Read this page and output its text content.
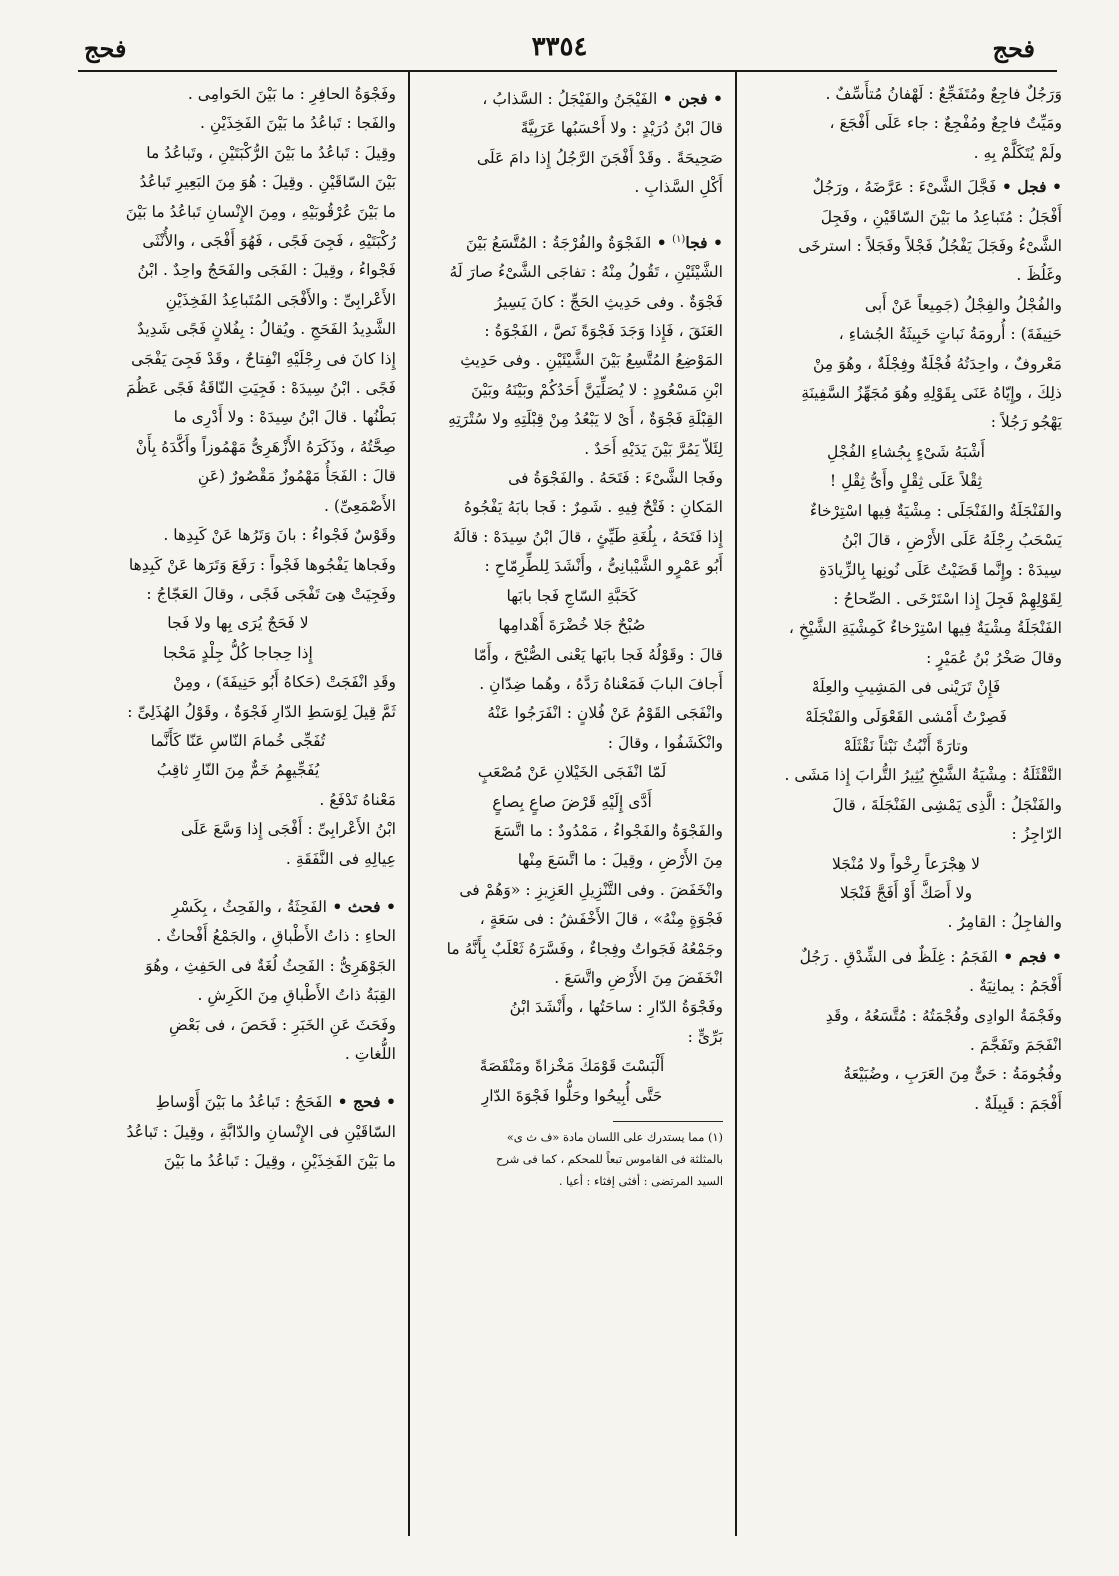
فحج	٣٣٥٤	فحج

وَرَجُلٌ فاجِعٌ ومُتَفَجِّعٌ : لَهْفانُ مُتأَسِّفٌ .

ومَيِّتٌ فاجِعٌ ومُفْجِعٌ : جاء عَلَى أَفْجَعَ ،

ولَمْ يُتَكَلَّمْ بِهِ .

• فجل • فَجَّلَ الشَّىْءَ : عَرَّضَهُ ، ورَجُلٌ

أَفْجَلُ : مُتَباعِدُ ما بَيْنَ السّاقَيْنِ ، وفَجِلَ

الشَّىْءُ وفَجَلَ يَفْجُلُ فَجْلاً وفَجَلاً : استرخَى

وغَلُظَ .

والفُجْلُ والفِجْلُ (جَمِيعاً عَنْ أَبى

حَنِيفَةَ) : أُرومَةُ نَباتٍ خَبِيثَةُ الجُشاءِ ،

مَعْروفٌ ، واحِدَتُهُ فُجْلَةٌ وفِجْلَةٌ ، وهُوَ مِنْ

ذلِكَ ، وإِيّاهُ عَنَى بِقَوْلِهِ وهُوَ مُجَهِّزُ السَّفِينَةِ

يَهْجُو رَجُلاً :

أَشْبَهُ شَىْءٍ بِجُشاءِ الفُجْلِ

ثِقْلاً عَلَى ثِقْلٍ وأَىُّ ثِقْلِ !

والفَنْجَلَةُ والفَنْجَلَى : مِشْيَةٌ فِيها اسْتِرْخاءٌ

يَسْحَبُ رِجْلَهُ عَلَى الأَرْضِ ، قالَ ابْنُ

سِيدَهْ : وإِنَّما قَضَيْتُ عَلَى نُونِها بِالزِّيادَةِ

لِقَوْلِهِمْ فَجِلَ إِذا اسْتَرْخَى . الصِّحاحُ :

الفَنْجَلَةُ مِشْيَةٌ فِيها اسْتِرْخاءٌ كَمِشْيَةِ الشَّيْخِ ،

وقالَ صَخْرُ بْنُ عُمَيْرٍ :

فَإِنْ تَرَيْنى فى المَشِيبِ والعِلَهْ

فَصِرْتُ أَمْشى القَعْوَلَى والفَنْجَلَهْ

وتارَةً أَنْبُثُ نَبْثاً نَقْثَلَهْ

النَّقْثَلَةُ : مِشْيَةُ الشَّيْخِ يُثِيرُ التُّرابَ إِذا مَشَى .

والفَنْجَلُ : الَّذِى يَمْشِى الفَنْجَلَةَ ، قالَ

الرّاجِزُ :

لا هِجْرَعاً رِخْواً ولا مُنْجَلا

ولا أَصَكَّ أَوْ أَفَجَّ فَنْجَلا

والفاجِلُ : القامِرُ .

• فجم • الفَجَمُ : غِلَظٌ فى الشِّدْقِ . رَجُلٌ

أَفْجَمُ : يمانِيَةٌ .

وفَجْمَةُ الوادِى وفُجْمَتُهُ : مُتَّسَعُهُ ، وقَدِ

انْفَجَمَ وتَفَجَّمَ .

وفُجُومَةُ : حَىٌّ مِنَ العَرَبِ ، وضُبَيْعَةُ

أَفْجَمَ : قَبِيلَةٌ .

• فجن • الفَيْجَنُ والفَيْجَلُ : السَّذابُ ،

قالَ ابْنُ دُرَيْدٍ : ولا أَحْسَبُها عَرَبِيَّةً

صَحِيحَةً . وقَدْ أَفْجَنَ الرَّجُلُ إِذا دامَ عَلَى

أَكْلِ السَّذابِ .

• فجا$^{(١)}$ • الفَجْوَةُ والفُرْجَةُ : المُتَّسَعُ بَيْنَ

الشَّيْئَيْنِ ، تَقُولُ مِنْهُ : تفاجَى الشَّىْءُ صارَ لَهُ

فَجْوَةٌ . وفى حَدِيثِ الحَجِّ : كانَ يَسِيرُ

العَنَقَ ، فَإِذا وَجَدَ فَجْوَةً نَصَّ ، الفَجْوَةُ :

المَوْضِعُ المُتَّسِعُ بَيْنَ الشَّيْئَيْنِ . وفى حَدِيثِ

ابْنِ مَسْعُودٍ : لا يُصَلِّيَنَّ أَحَدُكُمْ وبَيْنَهُ وبَيْنَ

القِبْلَةِ فَجْوَةٌ ، أَىْ لا يَبْعُدُ مِنْ قِبْلَتِهِ ولا سُتْرَتِهِ

لِئَلاّ يَمُرَّ بَيْنَ يَدَيْهِ أَحَدٌ .

وفَجا الشَّىْءَ : فَتَحَهُ . والفَجْوَةُ فى

المَكانِ : فَتْحٌ فِيهِ . شَمِرٌ : فَجا بابَهُ يَفْجُوهُ

إِذا فَتَحَهُ ، بِلُغَةِ طَيِّئٍ ، قالَ ابْنُ سِيدَهْ : قالَهُ

أَبُو عَمْرٍو الشَّيْبانِىُّ ، وأَنْشَدَ لِلطِّرِمّاحِ :

كَحَبَّةِ السّاجِ فَجا بابَها

صُبْحٌ جَلا خُضْرَةَ أَهْدامِها

قالَ : وقَوْلُهُ فَجا بابَها يَعْنى الصُّبْحَ ، وأَمّا

أَجافَ البابَ فَمَعْناهُ رَدَّهُ ، وهُما ضِدّانِ .

وانْفَجَى القَوْمُ عَنْ فُلانٍ : انْفَرَجُوا عَنْهُ

وانْكَشَفُوا ، وقالَ :

لَمّا انْفَجَى الخَيْلانِ عَنْ مُصْعَبٍ

أَدَّى إِلَيْهِ قَرْضَ صاعٍ بِصاعٍ

والفَجْوَةُ والفَجْواءُ ، مَمْدُودٌ : ما اتَّسَعَ

مِنَ الأَرْضِ ، وقِيلَ : ما اتَّسَعَ مِنْها

وانْخَفَضَ . وفى التَّنْزِيلِ العَزِيزِ : «وَهُمْ فى

فَجْوَةٍ مِنْهُ» ، قالَ الأَخْفَشُ : فى سَعَةٍ ،

وجَمْعُهُ فَجَواتٌ وفِجاءٌ ، وفَسَّرَهُ ثَعْلَبٌ بِأَنَّهُ ما

انْخَفَضَ مِنَ الأَرْضِ واتَّسَعَ .

وفَجْوَةُ الدّارِ : ساحَتُها ، وأَنْشَدَ ابْنُ

بَرِّىٍّ :

أَلْبَسْتَ قَوْمَكَ مَخْزاةً ومَنْقَصَةً

حَتَّى أُبِيحُوا وحَلُّوا فَجْوَةَ الدّارِ

(١) مما يستدرك على اللسان مادة «ف ث ى»

بالمثلثة فى القاموس تبعاً للمحكم ، كما فى شرح

السيد المرتضى : أفثى إفثاء : أعيا .

وفَجْوَةُ الحافِرِ : ما بَيْنَ الحَوامِى .

والفَجا : تَباعُدُ ما بَيْنَ الفَخِذَيْنِ .

وقِيلَ : تَباعُدُ ما بَيْنَ الرُّكْبَتَيْنِ ، وتَباعُدُ ما

بَيْنَ السّاقَيْنِ . وقِيلَ : هُوَ مِنَ البَعِيرِ تَباعُدُ

ما بَيْنَ عُرْقُوبَيْهِ ، ومِنَ الإِنْسانِ تَباعُدُ ما بَيْنَ

رُكْبَتَيْهِ ، فَجِىَ فَجًى ، فَهُوَ أَفْجَى ، والأُنْثَى

فَجْواءُ ، وقِيلَ : الفَجَى والفَحَجُ واحِدٌ . ابْنُ

الأَعْرابِىِّ : والأَفْجَى المُتَباعِدُ الفَخِذَيْنِ

الشَّدِيدُ الفَحَجِ . ويُقالُ : بِفُلانٍ فَجًى شَدِيدٌ

إِذا كانَ فى رِجْلَيْهِ انْفِتاحٌ ، وقَدْ فَجِىَ يَفْجَى

فَجًى . ابْنُ سِيدَهْ : فَجِيَتِ النّاقَةُ فَجًى عَظُمَ

بَطْنُها . قالَ ابْنُ سِيدَهْ : ولا أَدْرِى ما

صِحَّتُهُ ، وذَكَرَهُ الأَزْهَرِىُّ مَهْمُوزاً وأَكَّدَهُ بِأَنْ

قالَ : الفَجَأُ مَهْمُوزٌ مَقْصُورٌ (عَنِ

الأَصْمَعِىِّ) .

وقَوْسٌ فَجْواءُ : بانَ وَتَرُها عَنْ كَبِدِها .

وفَجاها يَفْجُوها فَجْواً : رَفَعَ وَتَرَها عَنْ كَبِدِها

وفَجِيَتْ هِىَ تَفْجَى فَجًى ، وقالَ العَجّاجُ :

لا فَحَجٌ يُرَى بِها ولا فَجا

إِذا حِجاجا كُلُّ جِلْدٍ مَحْجا

وقَدِ انْفَجَتْ (حَكاهُ أَبُو حَنِيفَةَ) ، ومِنْ

ثَمَّ قِيلَ لِوَسَطِ الدّارِ فَجْوَةٌ ، وقَوْلُ الهُذَلِىِّ :

تُفَجِّى خُمامَ النّاسِ عَنّا كَأَنَّما

يُفَجِّيهِمُ خَمٌّ مِنَ النّارِ ثاقِبُ

مَعْناهُ تَدْفَعُ .

ابْنُ الأَعْرابِىِّ : أَفْجَى إِذا وَسَّعَ عَلَى

عِيالِهِ فى النَّفَقَةِ .

• فحث • الفَحِثَةُ ، والفَحِثُ ، بِكَسْرِ

الحاءِ : ذاتُ الأَطْباقِ ، والجَمْعُ أَفْحاثٌ .

الجَوْهَرِىُّ : الفَحِثُ لُغَةٌ فى الحَفِثِ ، وهُوَ

القِبَةُ ذاتُ الأَطْباقِ مِنَ الكَرِشِ .

وفَحَثَ عَنِ الخَبَرِ : فَحَصَ ، فى بَعْضِ

اللُّغاتِ .

• فحج • الفَحَجُ : تَباعُدُ ما بَيْنَ أَوْساطِ

السّاقَيْنِ فى الإِنْسانِ والدّابَّةِ ، وقِيلَ : تَباعُدُ

ما بَيْنَ الفَخِذَيْنِ ، وقِيلَ : تَباعُدُ ما بَيْنَ
